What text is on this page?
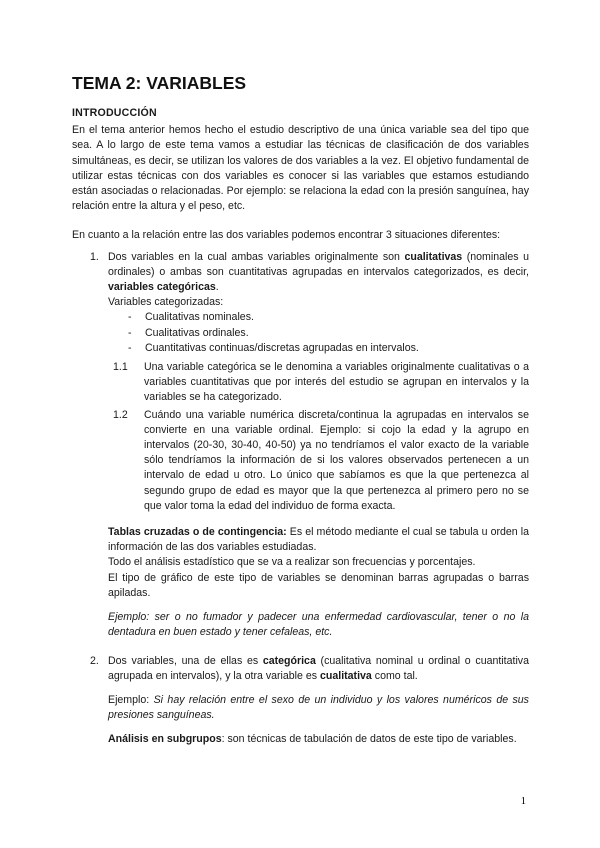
TEMA 2: VARIABLES
INTRODUCCIÓN

En el tema anterior hemos hecho el estudio descriptivo de una única variable sea del tipo que sea. A lo largo de este tema vamos a estudiar las técnicas de clasificación de dos variables simultáneas, es decir, se utilizan los valores de dos variables a la vez. El objetivo fundamental de utilizar estas técnicas con dos variables es conocer si las variables que estamos estudiando están asociadas o relacionadas. Por ejemplo: se relaciona la edad con la presión sanguínea, hay relación entre la altura y el peso, etc.

En cuanto a la relación entre las dos variables podemos encontrar 3 situaciones diferentes:

1. Dos variables en la cual ambas variables originalmente son cualitativas (nominales u ordinales) o ambas son cuantitativas agrupadas en intervalos categorizados, es decir, variables categóricas.

Variables categorizadas:

-	Cualitativas nominales.
-	Cualitativas ordinales.
-	Cuantitativas continuas/discretas agrupadas en intervalos.
1.1	Una variable categórica se le denomina a variables originalmente cualitativas o a variables cuantitativas que por interés del estudio se agrupan en intervalos y la variables se ha categorizado.

1.2	Cuándo una variable numérica discreta/continua la agrupadas en intervalos se convierte en una variable ordinal. Ejemplo: si cojo la edad y la agrupo en intervalos (20-30, 30-40, 40-50) ya no tendríamos el valor exacto de la variable sólo tendríamos la información de si los valores observados pertenecen a un intervalo de edad u otro. Lo único que sabíamos es que la que pertenezca al segundo grupo de edad es mayor que la que pertenezca al primero pero no se que valor toma la edad del individuo de forma exacta.

Tablas cruzadas o de contingencia: Es el método mediante el cual se tabula u orden la información de las dos variables estudiadas.

Todo el análisis estadístico que se va a realizar son frecuencias y porcentajes.

El tipo de gráfico de este tipo de variables se denominan barras agrupadas o barras apiladas.

Ejemplo: ser o no fumador y padecer una enfermedad cardiovascular, tener o no la dentadura en buen estado y tener cefaleas, etc.

2. Dos variables, una de ellas es categórica (cualitativa nominal u ordinal o cuantitativa agrupada en intervalos), y la otra variable es cualitativa como tal.

Ejemplo: Si hay relación entre el sexo de un individuo y los valores numéricos de sus presiones sanguíneas.

Análisis en subgrupos: son técnicas de tabulación de datos de este tipo de variables.

1
